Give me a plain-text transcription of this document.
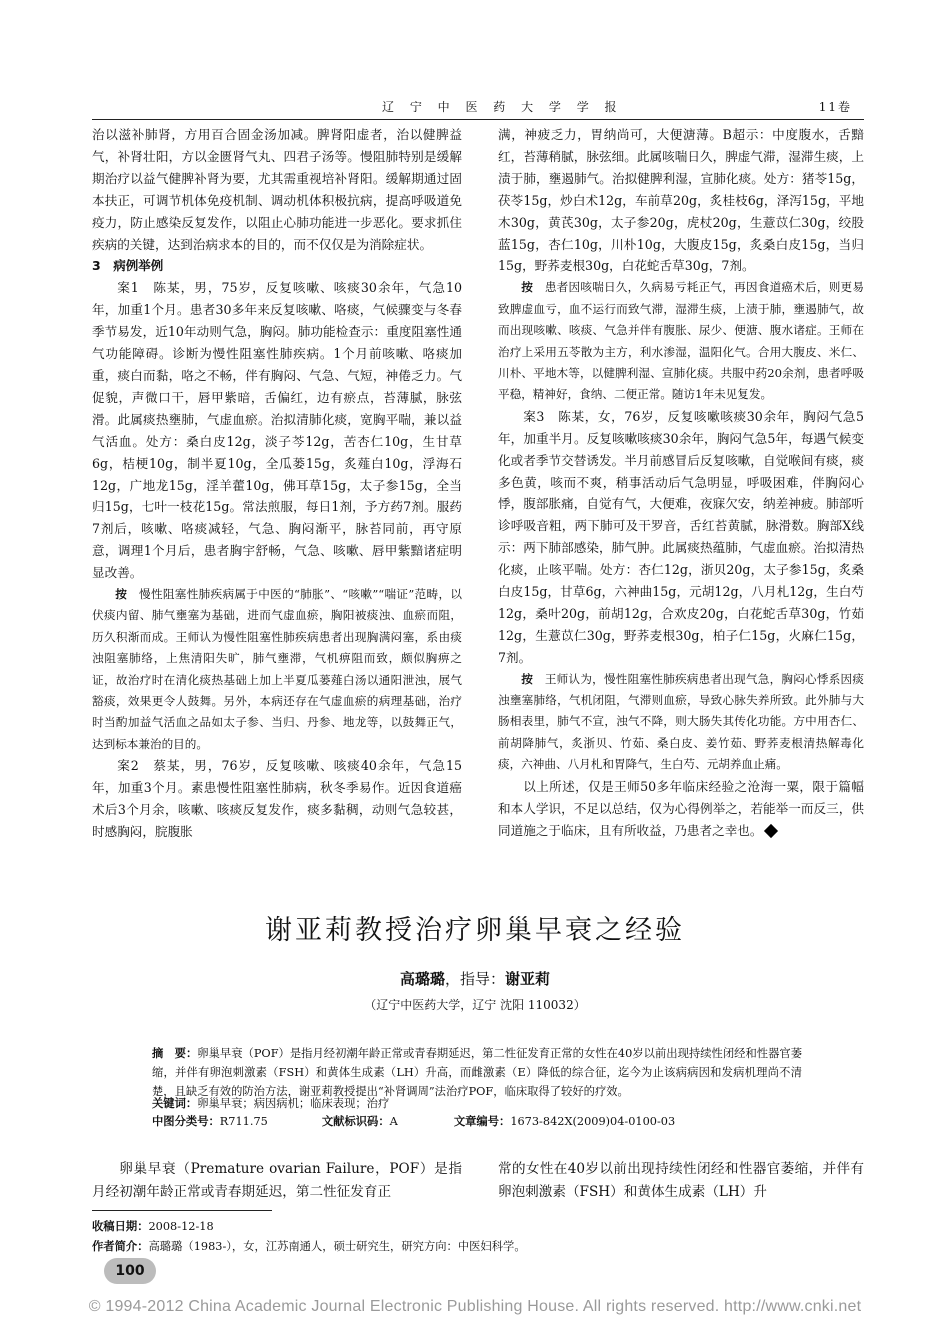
辽 宁 中 医 药 大 学 学 报	11卷

治以滋补肺肾，方用百合固金汤加减。脾肾阳虚者，治以健脾益气，补肾壮阳，方以金匮肾气丸、四君子汤等。慢阻肺特别是缓解期治疗以益气健脾补肾为要，尤其需重视培补肾阳。缓解期通过固本扶正，可调节机体免疫机制、调动机体积极抗病，提高呼吸道免疫力，防止感染反复发作，以阻止心肺功能进一步恶化。要求抓住疾病的关键，达到治病求本的目的，而不仅仅是为消除症状。

3　病例举例

案1　陈某，男，75岁，反复咳嗽、咳痰30余年，气急10年，加重1个月。患者30多年来反复咳嗽、咯痰，气候骤变与冬春季节易发，近10年动则气急，胸闷。肺功能检查示：重度阻塞性通气功能障碍。诊断为慢性阻塞性肺疾病。1个月前咳嗽、咯痰加重，痰白而黏，咯之不畅，伴有胸闷、气急、气短，神倦乏力。气促貌，声微口干，唇甲紫暗，舌偏红，边有瘀点，苔薄腻，脉弦滑。此属痰热壅肺，气虚血瘀。治拟清肺化痰，宽胸平喘，兼以益气活血。处方：桑白皮12g，淡子芩12g，苦杏仁10g，生甘草6g，桔梗10g，制半夏10g，全瓜蒌15g，炙薤白10g，浮海石12g，广地龙15g，淫羊藿10g，佛耳草15g，太子参15g，全当归15g，七叶一枝花15g。常法煎服，每日1剂，予方药7剂。服药7剂后，咳嗽、咯痰减轻，气急、胸闷渐平，脉苔同前，再守原意，调理1个月后，患者胸宇舒畅，气急、咳嗽、唇甲紫黯诸症明显改善。

按　 慢性阻塞性肺疾病属于中医的“肺胀”、“咳嗽”“喘证”范畴，以伏痰内留、肺气壅塞为基础，进而气虚血瘀，胸阳被痰浊、血瘀而阻，历久积渐而成。王师认为慢性阻塞性肺疾病患者出现胸满闷塞，系由痰浊阻塞肺络，上焦清阳失旷，肺气壅滞，气机痹阻而致，颇似胸痹之证，故治疗时在清化痰热基础上加上半夏瓜蒌薤白汤以通阳泄浊，展气豁痰，效果更令人鼓舞。另外，本病还存在气虚血瘀的病理基础，治疗时当酌加益气活血之品如太子参、当归、丹参、地龙等，以鼓舞正气，达到标本兼治的目的。

案2　蔡某，男，76岁，反复咳嗽、咳痰40余年，气急15年，加重3个月。素患慢性阻塞性肺病，秋冬季易作。近因食道癌术后3个月余，咳嗽、咳痰反复发作，痰多黏稠，动则气急较甚，时感胸闷，脘腹胀

满，神疲乏力，胃纳尚可，大便溏薄。B超示：中度腹水，舌黯红，苔薄稍腻，脉弦细。此属咳喘日久，脾虚气滞，湿滞生痰，上渍于肺，壅遏肺气。治拟健脾利湿，宣肺化痰。处方：猪苓15g，茯苓15g，炒白术12g，车前草20g，炙桂枝6g，泽泻15g，平地木30g，黄芪30g，太子参20g，虎杖20g，生薏苡仁30g，绞股蓝15g，杏仁10g，川朴10g，大腹皮15g，炙桑白皮15g，当归15g，野荞麦根30g，白花蛇舌草30g，7剂。

按　 患者因咳喘日久，久病易亏耗正气，再因食道癌术后，则更易致脾虚血亏，血不运行而致气滞，湿滞生痰，上渍于肺，壅遏肺气，故而出现咳嗽、咳痰、气急并伴有腹胀、尿少、便溏、腹水诸症。王师在治疗上采用五苓散为主方，利水渗湿，温阳化气。合用大腹皮、米仁、川朴、平地木等，以健脾利湿、宣肺化痰。共服中药20余剂，患者呼吸平稳，精神好，食纳、二便正常。随访1年未见复发。

案3　陈某，女，76岁，反复咳嗽咳痰30余年，胸闷气急5年，加重半月。反复咳嗽咳痰30余年，胸闷气急5年，每遇气候变化或者季节交替诱发。半月前感冒后反复咳嗽，自觉喉间有痰，痰多色黄，咳而不爽，稍事活动后气急明显，呼吸困难，伴胸闷心悸，腹部胀痛，自觉有气，大便难，夜寐欠安，纳差神疲。肺部听诊呼吸音粗，两下肺可及干罗音，舌红苔黄腻，脉滑数。胸部X线示：两下肺部感染，肺气肿。此属痰热蕴肺，气虚血瘀。治拟清热化痰，止咳平喘。处方：杏仁12g，浙贝20g，太子参15g，炙桑白皮15g，甘草6g，六神曲15g，元胡12g，八月札12g，生白芍12g，桑叶20g，前胡12g，合欢皮20g，白花蛇舌草30g，竹茹12g，生薏苡仁30g，野荞麦根30g，柏子仁15g，火麻仁15g，7剂。

按　 王师认为，慢性阻塞性肺疾病患者出现气急，胸闷心悸系因痰浊壅塞肺络，气机闭阻，气滞则血瘀，导致心脉失养所致。此外肺与大肠相表里，肺气不宣，浊气不降，则大肠失其传化功能。方中用杏仁、前胡降肺气，炙浙贝、竹茹、桑白皮、姜竹茹、野荞麦根清热解毒化痰，六神曲、八月札和胃降气，生白芍、元胡养血止痛。

以上所述，仅是王师50多年临床经验之沧海一粟，限于篇幅和本人学识，不足以总结，仅为心得例举之，若能举一而反三，供同道施之于临床，且有所收益，乃患者之幸也。

谢亚莉教授治疗卵巢早衰之经验
高璐璐，指导：谢亚莉
（辽宁中医药大学，辽宁 沈阳 110032）
摘　要：卵巢早衰（POF）是指月经初潮年龄正常或青春期延迟，第二性征发育正常的女性在40岁以前出现持续性闭经和性器官萎缩，并伴有卵泡刺激素（FSH）和黄体生成素（LH）升高，而雌激素（E）降低的综合征，迄今为止该病病因和发病机理尚不清楚，且缺乏有效的防治方法，谢亚莉教授提出“补肾调周”法治疗POF，临床取得了较好的疗效。
关键词：卵巢早衰；病因病机；临床表现；治疗
中图分类号：R711.75	文献标识码：A	文章编号：1673-842X(2009)04-0100-03

卵巢早衰（Premature ovarian Failure，POF）是指月经初潮年龄正常或青春期延迟，第二性征发育正

常的女性在40岁以前出现持续性闭经和性器官萎缩，并伴有卵泡刺激素（FSH）和黄体生成素（LH）升

收稿日期：2008-12-18
作者简介：高璐璐（1983-），女，江苏南通人，硕士研究生，研究方向：中医妇科学。
100
© 1994-2012 China Academic Journal Electronic Publishing House. All rights reserved. http://www.cnki.net
